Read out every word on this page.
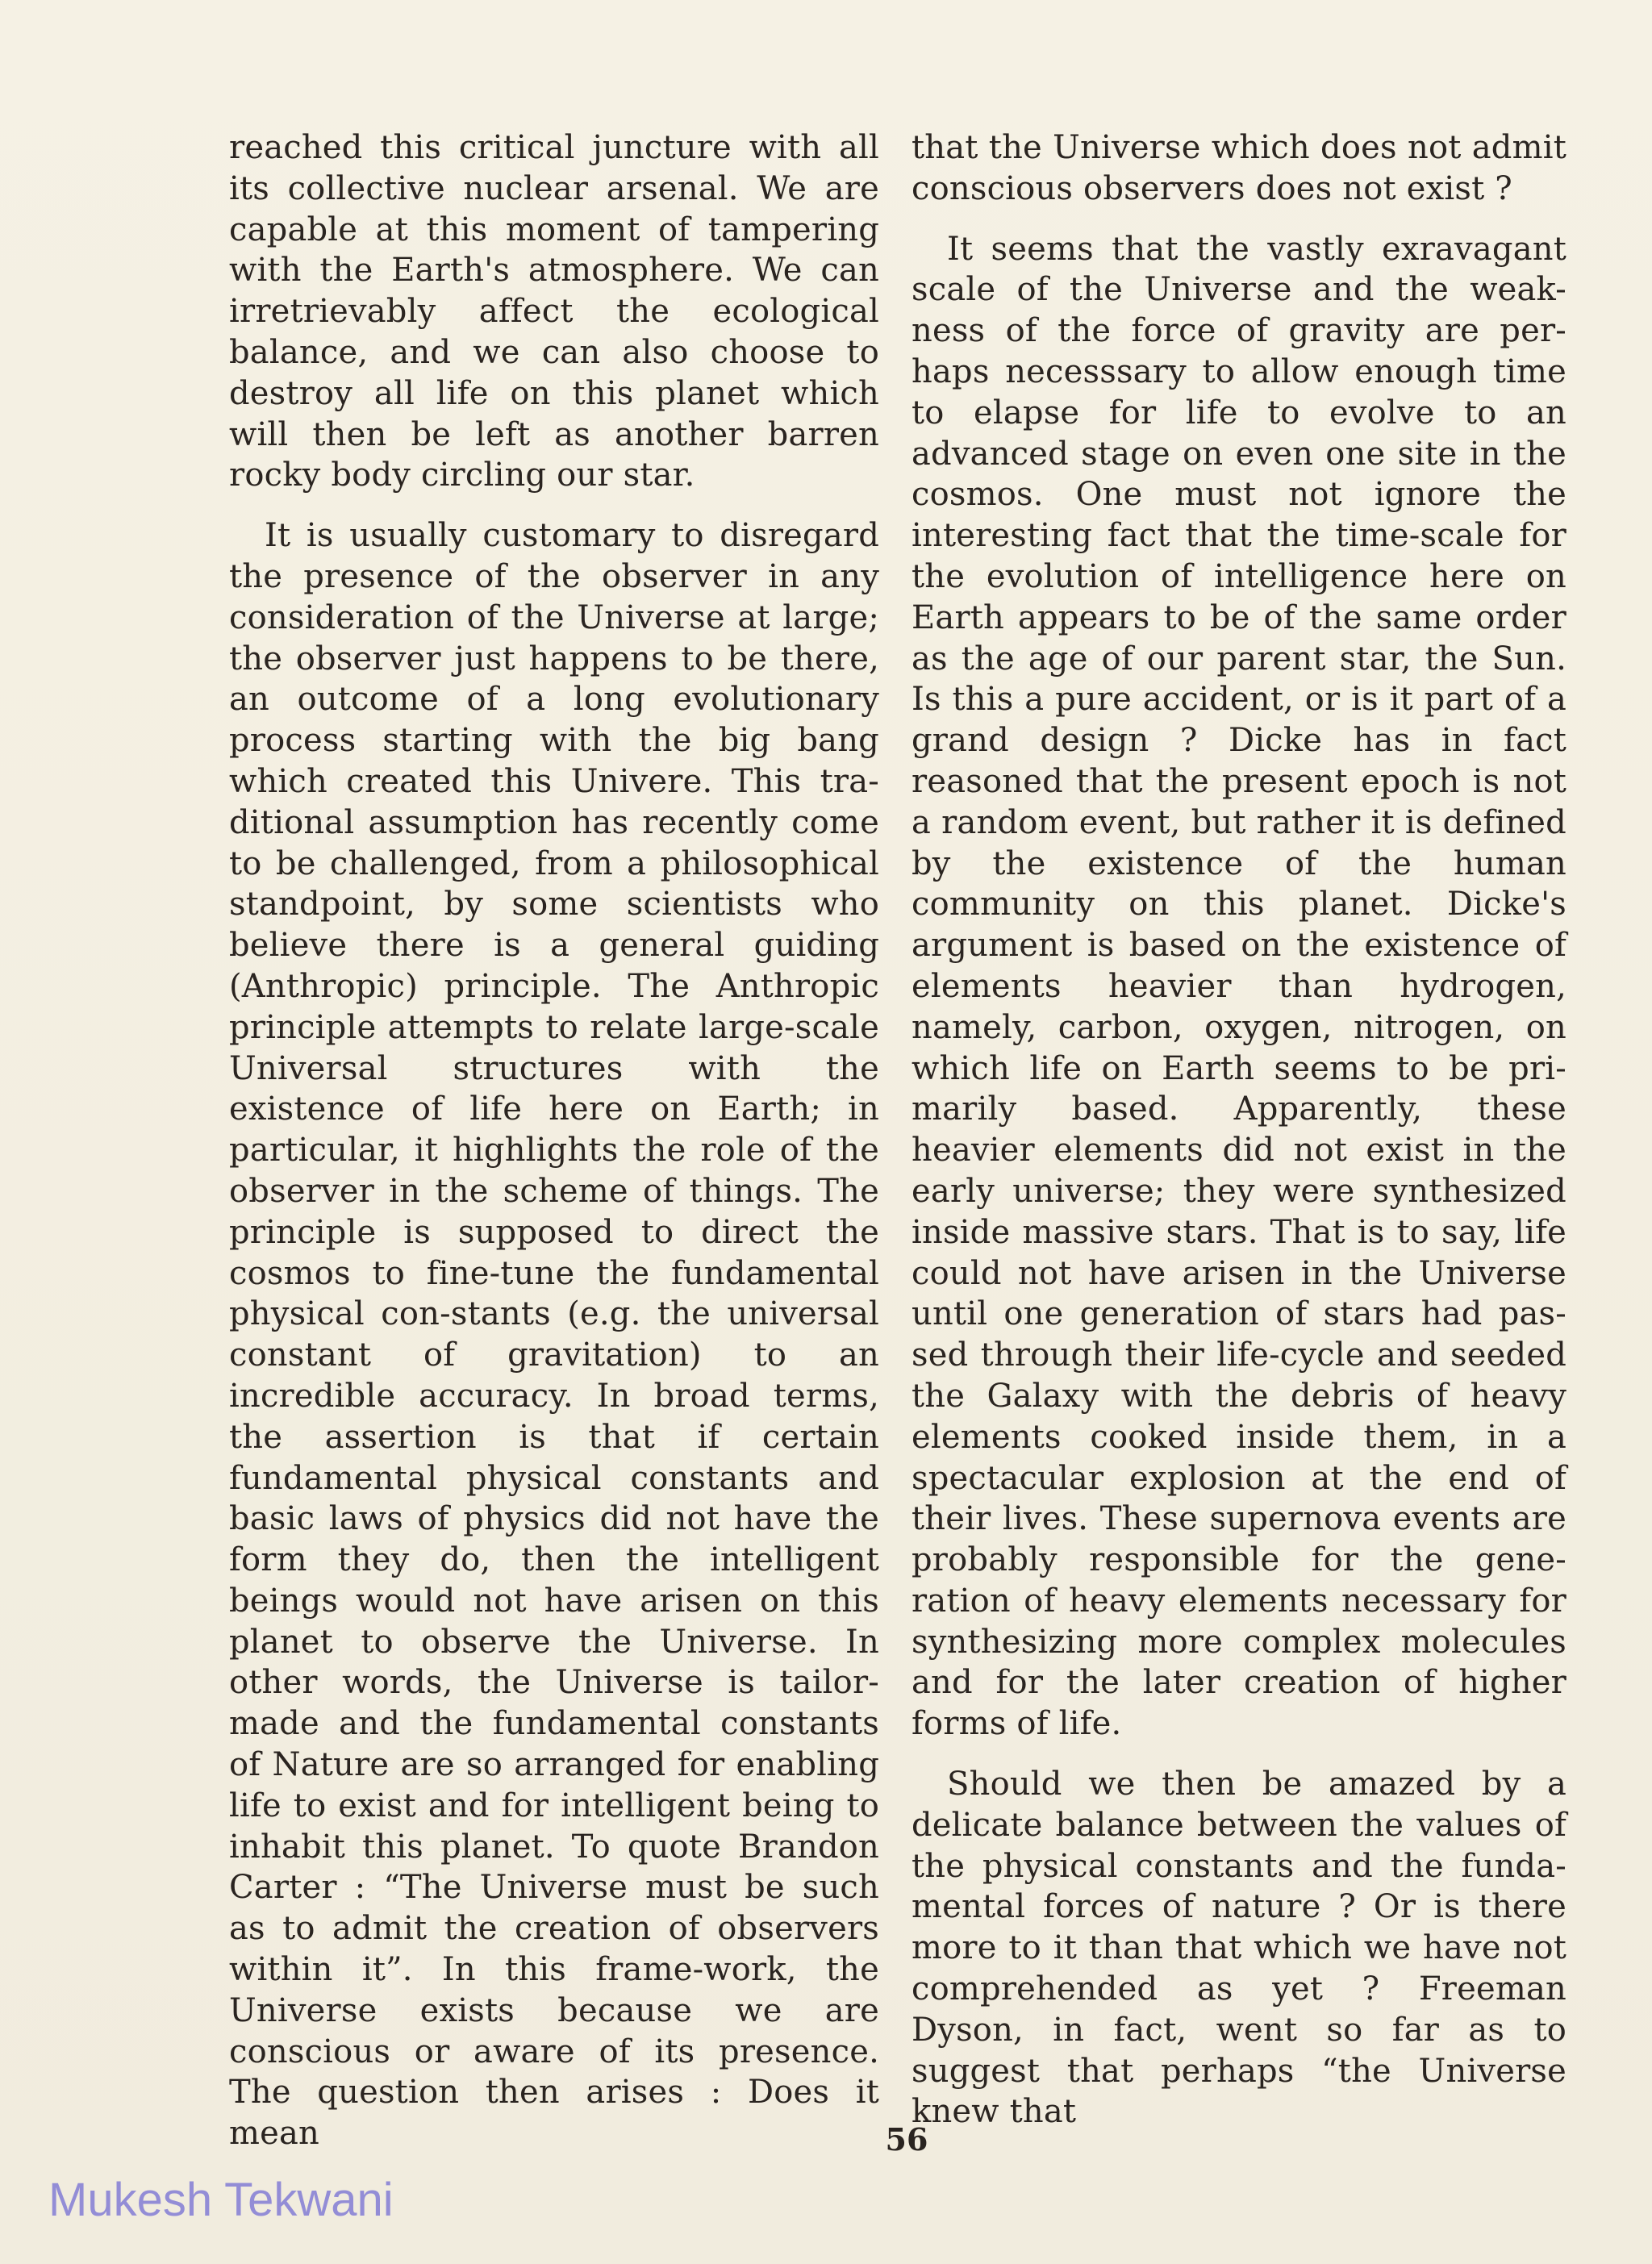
reached this critical juncture with all its collective nuclear arsenal. We are capable at this moment of tampering with the Earth's atmosphere. We can irretrievably affect the ecological balance, and we can also choose to destroy all life on this planet which will then be left as another barren rocky body circling our star.

It is usually customary to disregard the presence of the observer in any consideration of the Universe at large; the observer just happens to be there, an outcome of a long evolutionary process starting with the big bang which created this Univere. This tra-ditional assumption has recently come to be challenged, from a philosophical standpoint, by some scientists who believe there is a general guiding (Anthropic) principle. The Anthropic principle attempts to relate large-scale Universal structures with the existence of life here on Earth; in particular, it highlights the role of the observer in the scheme of things. The principle is supposed to direct the cosmos to fine-tune the fundamental physical con-stants (e.g. the universal constant of gravitation) to an incredible accuracy. In broad terms, the assertion is that if certain fundamental physical constants and basic laws of physics did not have the form they do, then the intelligent beings would not have arisen on this planet to observe the Universe. In other words, the Universe is tailor-made and the fundamental constants of Nature are so arranged for enabling life to exist and for intelligent being to inhabit this planet. To quote Brandon Carter : “The Universe must be such as to admit the creation of observers within it”. In this frame-work, the Universe exists because we are conscious or aware of its presence. The question then arises : Does it mean

that the Universe which does not admit conscious observers does not exist ?

It seems that the vastly exravagant scale of the Universe and the weak-ness of the force of gravity are per-haps necesssary to allow enough time to elapse for life to evolve to an advanced stage on even one site in the cosmos. One must not ignore the interesting fact that the time-scale for the evolution of intelligence here on Earth appears to be of the same order as the age of our parent star, the Sun. Is this a pure accident, or is it part of a grand design ? Dicke has in fact reasoned that the present epoch is not a random event, but rather it is defined by the existence of the human community on this planet. Dicke's argument is based on the existence of elements heavier than hydrogen, namely, carbon, oxygen, nitrogen, on which life on Earth seems to be pri-marily based. Apparently, these heavier elements did not exist in the early universe; they were synthesized inside massive stars. That is to say, life could not have arisen in the Universe until one generation of stars had pas-sed through their life-cycle and seeded the Galaxy with the debris of heavy elements cooked inside them, in a spectacular explosion at the end of their lives. These supernova events are probably responsible for the gene-ration of heavy elements necessary for synthesizing more complex molecules and for the later creation of higher forms of life.

Should we then be amazed by a delicate balance between the values of the physical constants and the funda-mental forces of nature ? Or is there more to it than that which we have not comprehended as yet ? Freeman Dyson, in fact, went so far as to suggest that perhaps “the Universe knew that

56
Mukesh Tekwani
